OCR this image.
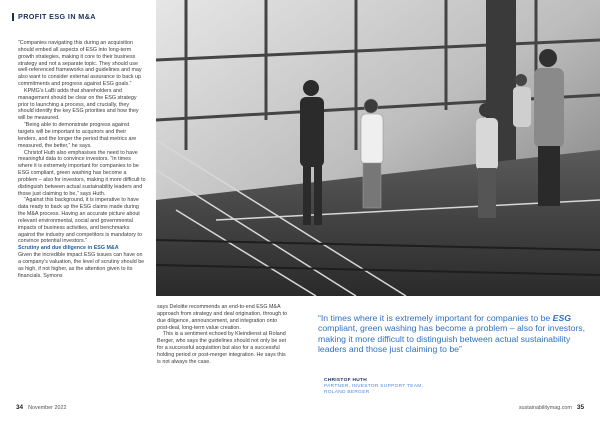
PROFIT ESG IN M&A

“Companies navigating this during an acquisition should embed all aspects of ESG into long-term growth strategies, making it core to their business strategy and not a separate topic. They should use well-referenced frameworks and guidelines and may also want to consider external assurance to back up commitments and progress against ESG goals.”

KPMG’s LaBi adds that shareholders and management should be clear on the ESG strategy prior to launching a process, and crucially, they should identify the key ESG priorities and how they will be measured.

“Being able to demonstrate progress against targets will be important to acquirors and their lenders, and the longer the period that metrics are measured, the better,” he says.

Christof Huth also emphasises the need to have meaningful data to convince investors. “In times where it is extremely important for companies to be ESG compliant, green washing has become a problem – also for investors, making it more difficult to distinguish between actual sustainability leaders and those just claiming to be,” says Huth.

“Against this background, it is imperative to have data ready to back up the ESG claims made during the M&A process. Having an accurate picture about relevant environmental, social and governmental impacts of business activities, and benchmarks against the industry and competitors is mandatory to convince potential investors.”

Scrutiny and due diligence in ESG M&A

Given the incredible impact ESG issues can have on a company’s valuation, the level of scrutiny should be as high, if not higher, as the attention given to its financials. Symons

says Deloitte recommends an end-to-end ESG M&A approach from strategy and deal origination, through to due diligence, announcement, and integration onto post-deal, long-term value creation.

This is a sentiment echoed by Kleindienst at Roland Berger, who says the guidelines should not only be set for a successful acquisition but also for a successful holding period or post-merger integration. He says this is not always the case.

“In times where it is extremely important for companies to be ESG compliant, green washing has become a problem – also for investors, making it more difficult to distinguish between actual sustainability leaders and those just claiming to be”
CHRISTOF HUTH
PARTNER, INVESTOR SUPPORT TEAM,
ROLAND BERGER
34 November 2022	sustainabilitymag.com 35
